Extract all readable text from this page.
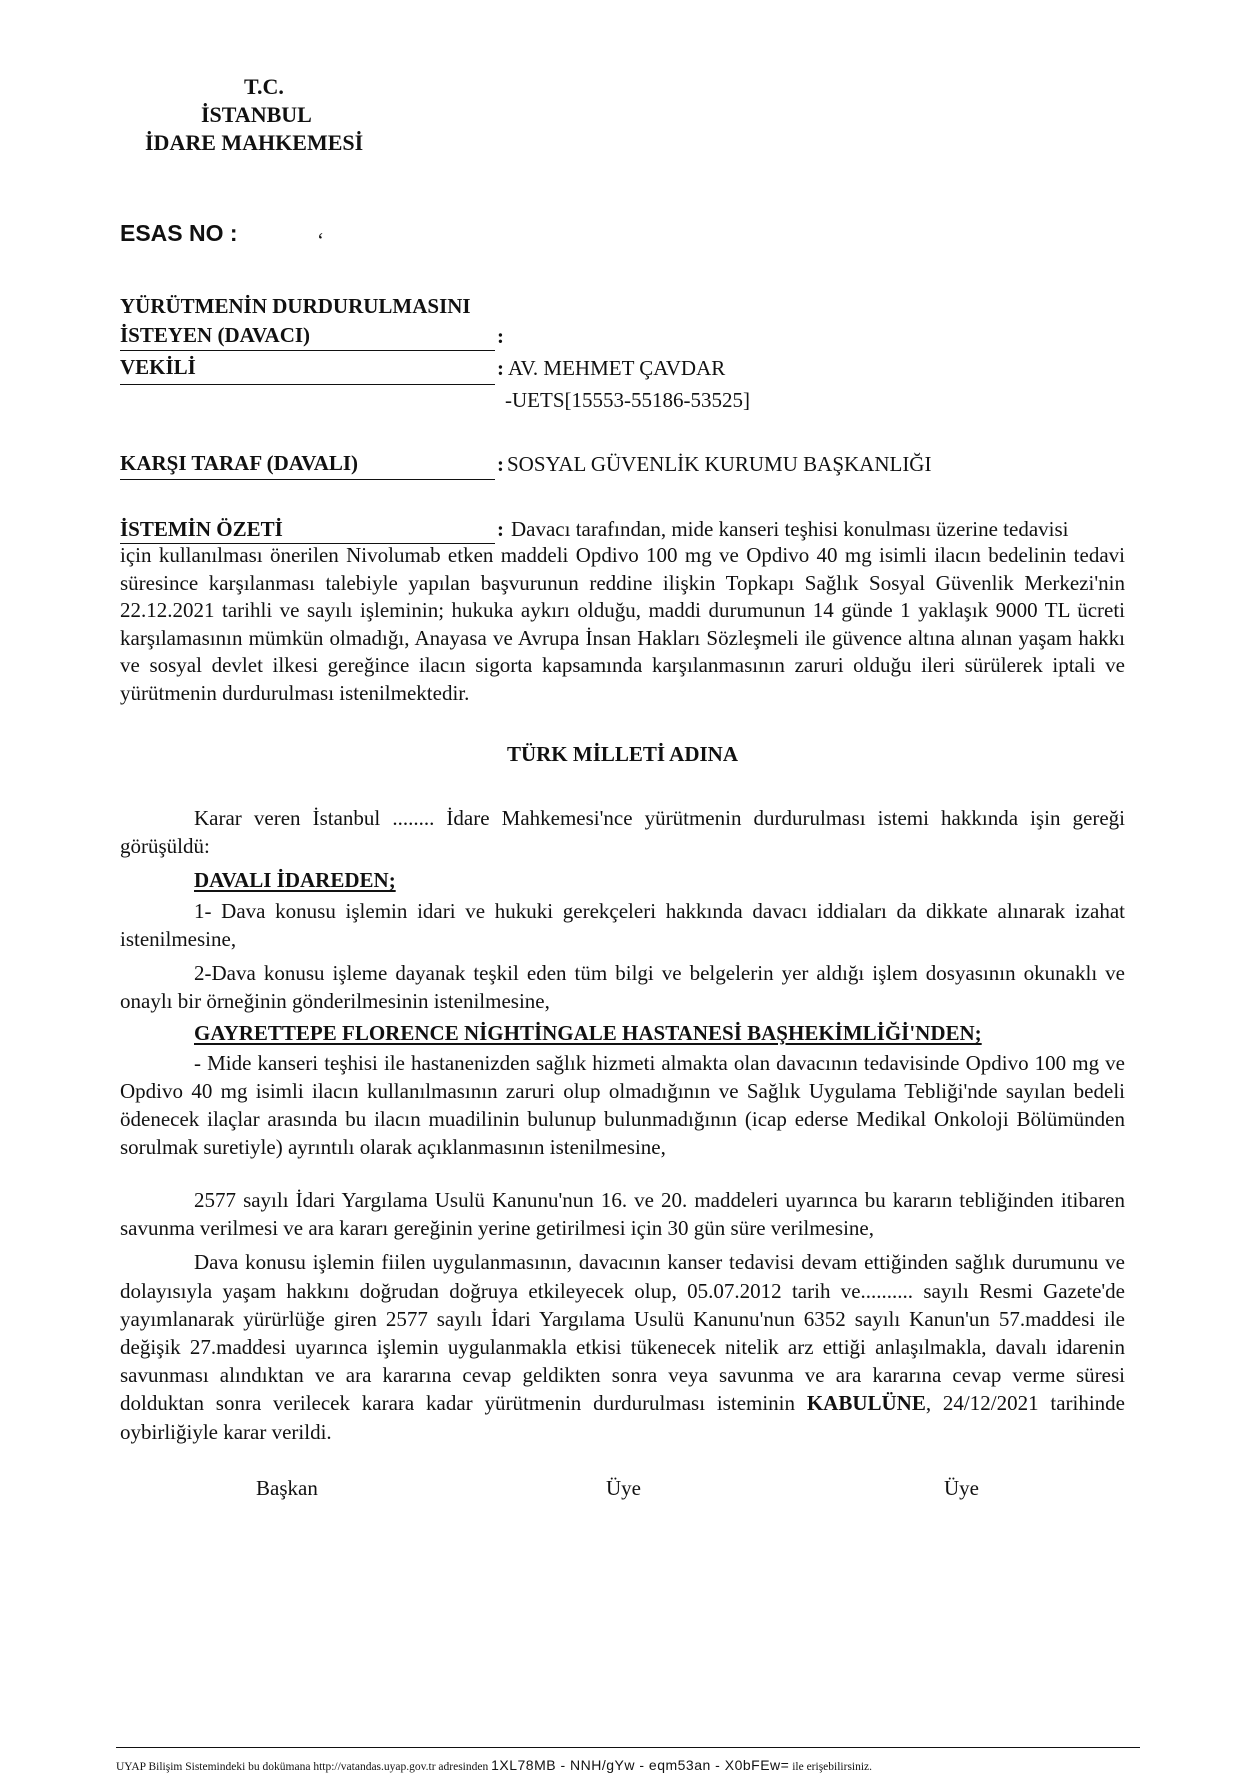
T.C.
İSTANBUL
İDARE MAHKEMESİ
ESAS NO :	‘
YÜRÜTMENİN DURDURULMASINI
İSTEYEN (DAVACI)	:
VEKİLİ	: AV. MEHMET ÇAVDAR
-UETS[15553-55186-53525]
KARŞI TARAF (DAVALI)	: SOSYAL GÜVENLİK KURUMU BAŞKANLIĞI
İSTEMİN ÖZETİ	: Davacı tarafından, mide kanseri teşhisi konulması üzerine tedavisi

için kullanılması önerilen Nivolumab etken maddeli Opdivo 100 mg ve Opdivo 40 mg isimli ilacın bedelinin tedavi süresince karşılanması talebiyle yapılan başvurunun reddine ilişkin Topkapı Sağlık Sosyal Güvenlik Merkezi'nin 22.12.2021 tarihli ve sayılı işleminin; hukuka aykırı olduğu, maddi durumunun 14 günde 1 yaklaşık 9000 TL ücreti karşılamasının mümkün olmadığı, Anayasa ve Avrupa İnsan Hakları Sözleşmeli ile güvence altına alınan yaşam hakkı ve sosyal devlet ilkesi gereğince ilacın sigorta kapsamında karşılanmasının zaruri olduğu ileri sürülerek iptali ve yürütmenin durdurulması istenilmektedir.

TÜRK MİLLETİ ADINA

Karar veren İstanbul ........ İdare Mahkemesi'nce yürütmenin durdurulması istemi hakkında işin gereği görüşüldü:

DAVALI İDAREDEN;

1- Dava konusu işlemin idari ve hukuki gerekçeleri hakkında davacı iddiaları da dikkate alınarak izahat istenilmesine,

2-Dava konusu işleme dayanak teşkil eden tüm bilgi ve belgelerin yer aldığı işlem dosyasının okunaklı ve onaylı bir örneğinin gönderilmesinin istenilmesine,

GAYRETTEPE FLORENCE NİGHTİNGALE HASTANESİ BAŞHEKİMLİĞİ'NDEN;

- Mide kanseri teşhisi ile hastanenizden sağlık hizmeti almakta olan davacının tedavisinde Opdivo 100 mg ve Opdivo 40 mg isimli ilacın kullanılmasının zaruri olup olmadığının ve Sağlık Uygulama Tebliği'nde sayılan bedeli ödenecek ilaçlar arasında bu ilacın muadilinin bulunup bulunmadığının (icap ederse Medikal Onkoloji Bölümünden sorulmak suretiyle) ayrıntılı olarak açıklanmasının istenilmesine,

2577 sayılı İdari Yargılama Usulü Kanunu'nun 16. ve 20. maddeleri uyarınca bu kararın tebliğinden itibaren savunma verilmesi ve ara kararı gereğinin yerine getirilmesi için 30 gün süre verilmesine,

Dava konusu işlemin fiilen uygulanmasının, davacının kanser tedavisi devam ettiğinden sağlık durumunu ve dolayısıyla yaşam hakkını doğrudan doğruya etkileyecek olup, 05.07.2012 tarih ve.......... sayılı Resmi Gazete'de yayımlanarak yürürlüğe giren 2577 sayılı İdari Yargılama Usulü Kanunu'nun 6352 sayılı Kanun'un 57.maddesi ile değişik 27.maddesi uyarınca işlemin uygulanmakla etkisi tükenecek nitelik arz ettiği anlaşılmakla, davalı idarenin savunması alındıktan ve ara kararına cevap geldikten sonra veya savunma ve ara kararına cevap verme süresi dolduktan sonra verilecek karara kadar yürütmenin durdurulması isteminin KABULÜNE, 24/12/2021 tarihinde oybirliğiyle karar verildi.

Başkan	Üye	Üye
UYAP Bilişim Sistemindeki bu dokümana http://vatandas.uyap.gov.tr adresinden 1XL78MB - NNH/gYw - eqm53an - X0bFEw= ile erişebilirsiniz.
